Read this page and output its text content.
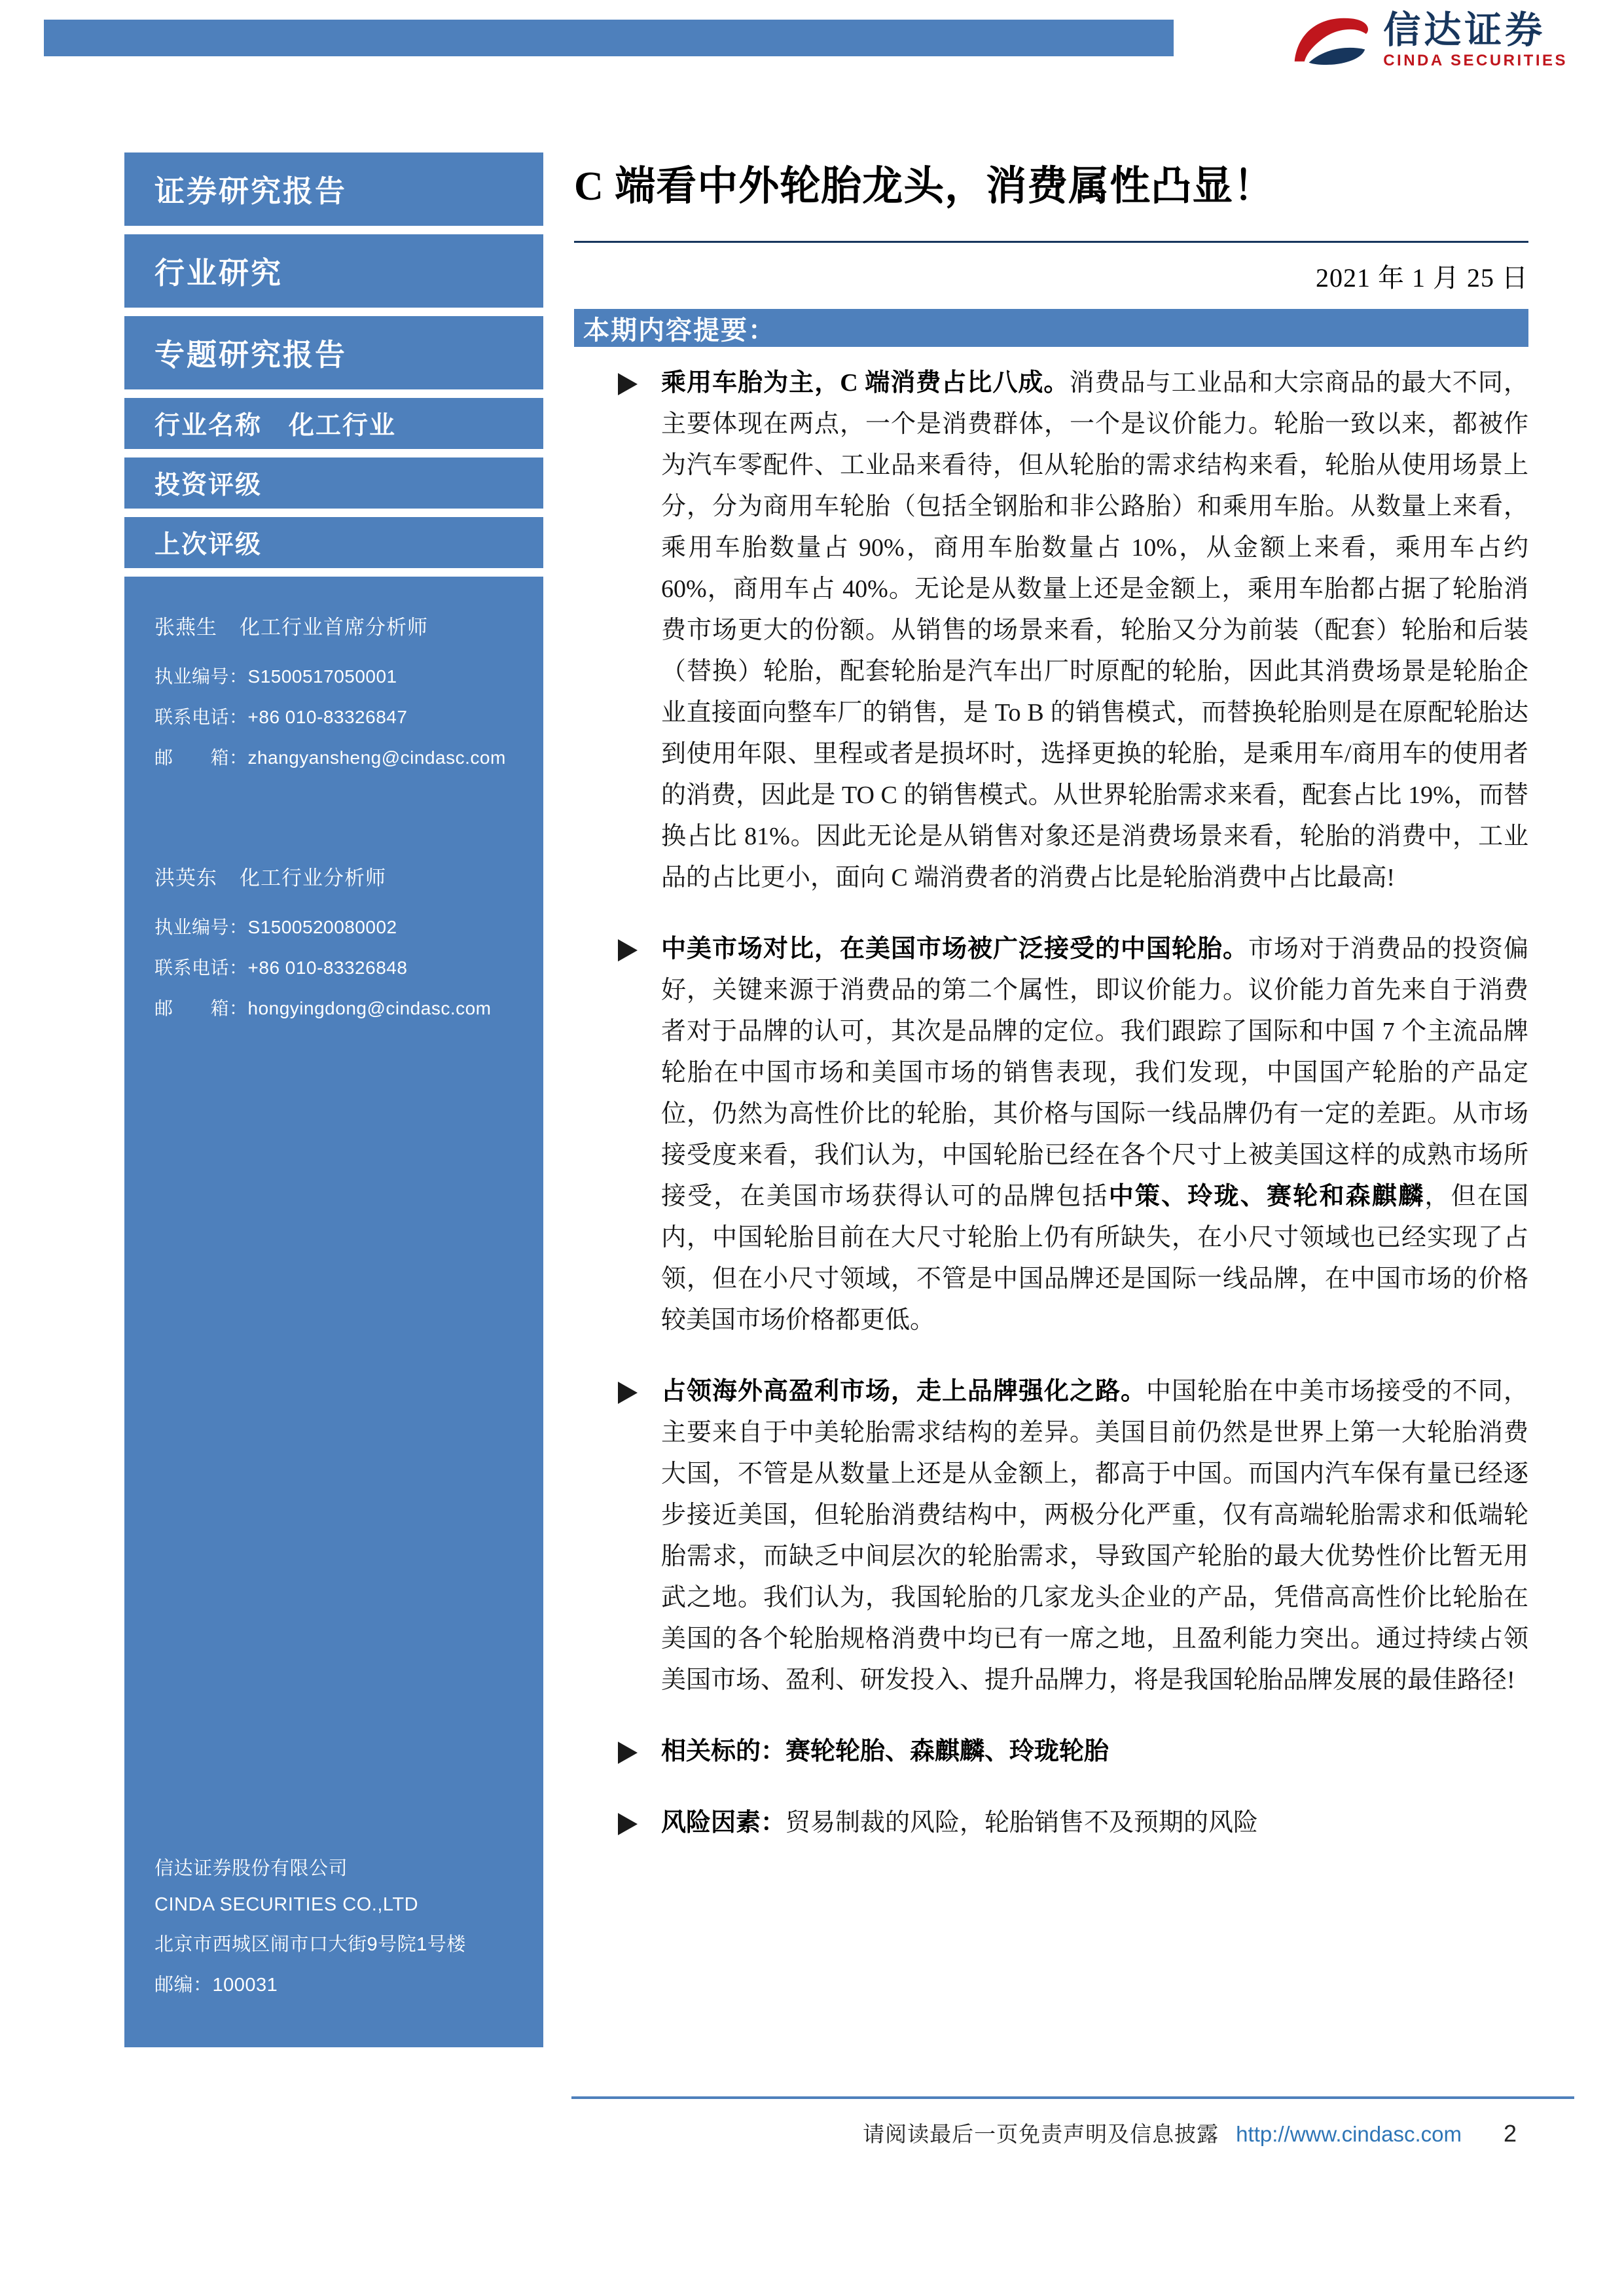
信达证券
CINDA SECURITIES
证券研究报告
行业研究
专题研究报告
行业名称　化工行业
投资评级
上次评级
张燕生 化工行业首席分析师
执业编号：S1500517050001
联系电话：+86 010-83326847
邮　　箱：zhangyansheng@cindasc.com
洪英东 化工行业分析师
执业编号：S1500520080002
联系电话：+86 010-83326848
邮　　箱：hongyingdong@cindasc.com
信达证券股份有限公司
CINDA SECURITIES CO.,LTD
北京市西城区闹市口大街9号院1号楼
邮编：100031
C 端看中外轮胎龙头，消费属性凸显！
2021 年 1 月 25 日
本期内容提要：

乘用车胎为主，C 端消费占比八成。消费品与工业品和大宗商品的最大不同，主要体现在两点，一个是消费群体，一个是议价能力。轮胎一致以来，都被作为汽车零配件、工业品来看待，但从轮胎的需求结构来看，轮胎从使用场景上分，分为商用车轮胎（包括全钢胎和非公路胎）和乘用车胎。从数量上来看，乘用车胎数量占 90%，商用车胎数量占 10%，从金额上来看，乘用车占约 60%，商用车占 40%。无论是从数量上还是金额上，乘用车胎都占据了轮胎消费市场更大的份额。从销售的场景来看，轮胎又分为前装（配套）轮胎和后装（替换）轮胎，配套轮胎是汽车出厂时原配的轮胎，因此其消费场景是轮胎企业直接面向整车厂的销售，是 To B 的销售模式，而替换轮胎则是在原配轮胎达到使用年限、里程或者是损坏时，选择更换的轮胎，是乘用车/商用车的使用者的消费，因此是 TO C 的销售模式。从世界轮胎需求来看，配套占比 19%，而替换占比 81%。因此无论是从销售对象还是消费场景来看，轮胎的消费中，工业品的占比更小，面向 C 端消费者的消费占比是轮胎消费中占比最高!

中美市场对比，在美国市场被广泛接受的中国轮胎。市场对于消费品的投资偏好，关键来源于消费品的第二个属性，即议价能力。议价能力首先来自于消费者对于品牌的认可，其次是品牌的定位。我们跟踪了国际和中国 7 个主流品牌轮胎在中国市场和美国市场的销售表现，我们发现，中国国产轮胎的产品定位，仍然为高性价比的轮胎，其价格与国际一线品牌仍有一定的差距。从市场接受度来看，我们认为，中国轮胎已经在各个尺寸上被美国这样的成熟市场所接受，在美国市场获得认可的品牌包括中策、玲珑、赛轮和森麒麟，但在国内，中国轮胎目前在大尺寸轮胎上仍有所缺失，在小尺寸领域也已经实现了占领，但在小尺寸领域，不管是中国品牌还是国际一线品牌，在中国市场的价格较美国市场价格都更低。

占领海外高盈利市场，走上品牌强化之路。中国轮胎在中美市场接受的不同，主要来自于中美轮胎需求结构的差异。美国目前仍然是世界上第一大轮胎消费大国，不管是从数量上还是从金额上，都高于中国。而国内汽车保有量已经逐步接近美国，但轮胎消费结构中，两极分化严重，仅有高端轮胎需求和低端轮胎需求，而缺乏中间层次的轮胎需求，导致国产轮胎的最大优势性价比暂无用武之地。我们认为，我国轮胎的几家龙头企业的产品，凭借高高性价比轮胎在美国的各个轮胎规格消费中均已有一席之地，且盈利能力突出。通过持续占领美国市场、盈利、研发投入、提升品牌力，将是我国轮胎品牌发展的最佳路径!

相关标的：赛轮轮胎、森麒麟、玲珑轮胎

风险因素：贸易制裁的风险，轮胎销售不及预期的风险

请阅读最后一页免责声明及信息披露 http://www.cindasc.com 2
